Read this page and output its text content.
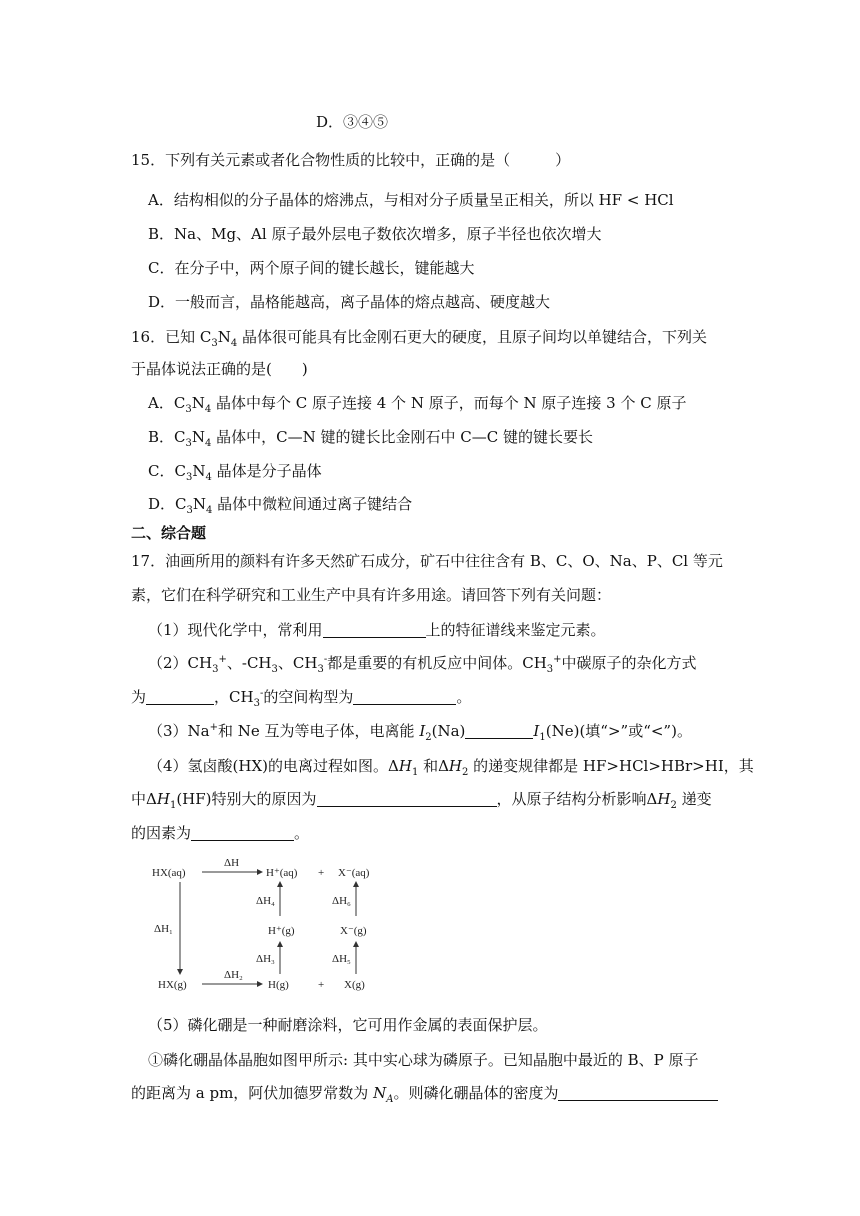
D．③④⑤
15．下列有关元素或者化合物性质的比较中，正确的是（　　　）
A．结构相似的分子晶体的熔沸点，与相对分子质量呈正相关，所以 HF < HCl
B．Na、Mg、Al 原子最外层电子数依次增多，原子半径也依次增大
C．在分子中，两个原子间的键长越长，键能越大
D．一般而言，晶格能越高，离子晶体的熔点越高、硬度越大
16．已知 $C_3N_4$ 晶体很可能具有比金刚石更大的硬度，且原子间均以单键结合，下列关
于晶体说法正确的是(　　)
A．$C_3N_4$ 晶体中每个 C 原子连接 4 个 N 原子，而每个 N 原子连接 3 个 C 原子
B．$C_3N_4$ 晶体中，C—N 键的键长比金刚石中 C—C 键的键长要长
C．$C_3N_4$ 晶体是分子晶体
D．$C_3N_4$ 晶体中微粒间通过离子键结合
二、综合题
17．油画所用的颜料有许多天然矿石成分，矿石中往往含有 B、C、O、Na、P、Cl 等元
素，它们在科学研究和工业生产中具有许多用途。请回答下列有关问题：
（1）现代化学中，常利用	上的特征谱线来鉴定元素。
$(2)CH_3^+$、$-CH_3$、$CH_3^-$都是重要的有机反应中间体。$CH_3^+$中碳原子的杂化方式
为	，$CH_3^-$的空间构型为	。
（3）Na+和 Ne 互为等电子体，电离能 $I_2(Na)$	$I_1(Ne)$(填“>”或“<”)。
（4）氢卤酸(HX)的电离过程如图。$\Delta H_1$ 和$\Delta H_2$ 的递变规律都是 HF>HCl>HBr>HI，其
中$\Delta H_1(HF)$特别大的原因为	，从原子结构分析影响$\Delta H_2$ 递变
的因素为	。
HX(aq)
ΔH
H⁺(aq) + X⁻(aq)
ΔH₁
ΔH₄	ΔH₆
H⁺(g)	X⁻(g)
ΔH₃	ΔH₅
HX(g)
ΔH₂
H(g)	+ X(g)
（5）磷化硼是一种耐磨涂料，它可用作金属的表面保护层。
①磷化硼晶体晶胞如图甲所示: 其中实心球为磷原子。已知晶胞中最近的 B、P 原子
的距离为 a pm，阿伏加德罗常数为 $N_A$。则磷化硼晶体的密度为
